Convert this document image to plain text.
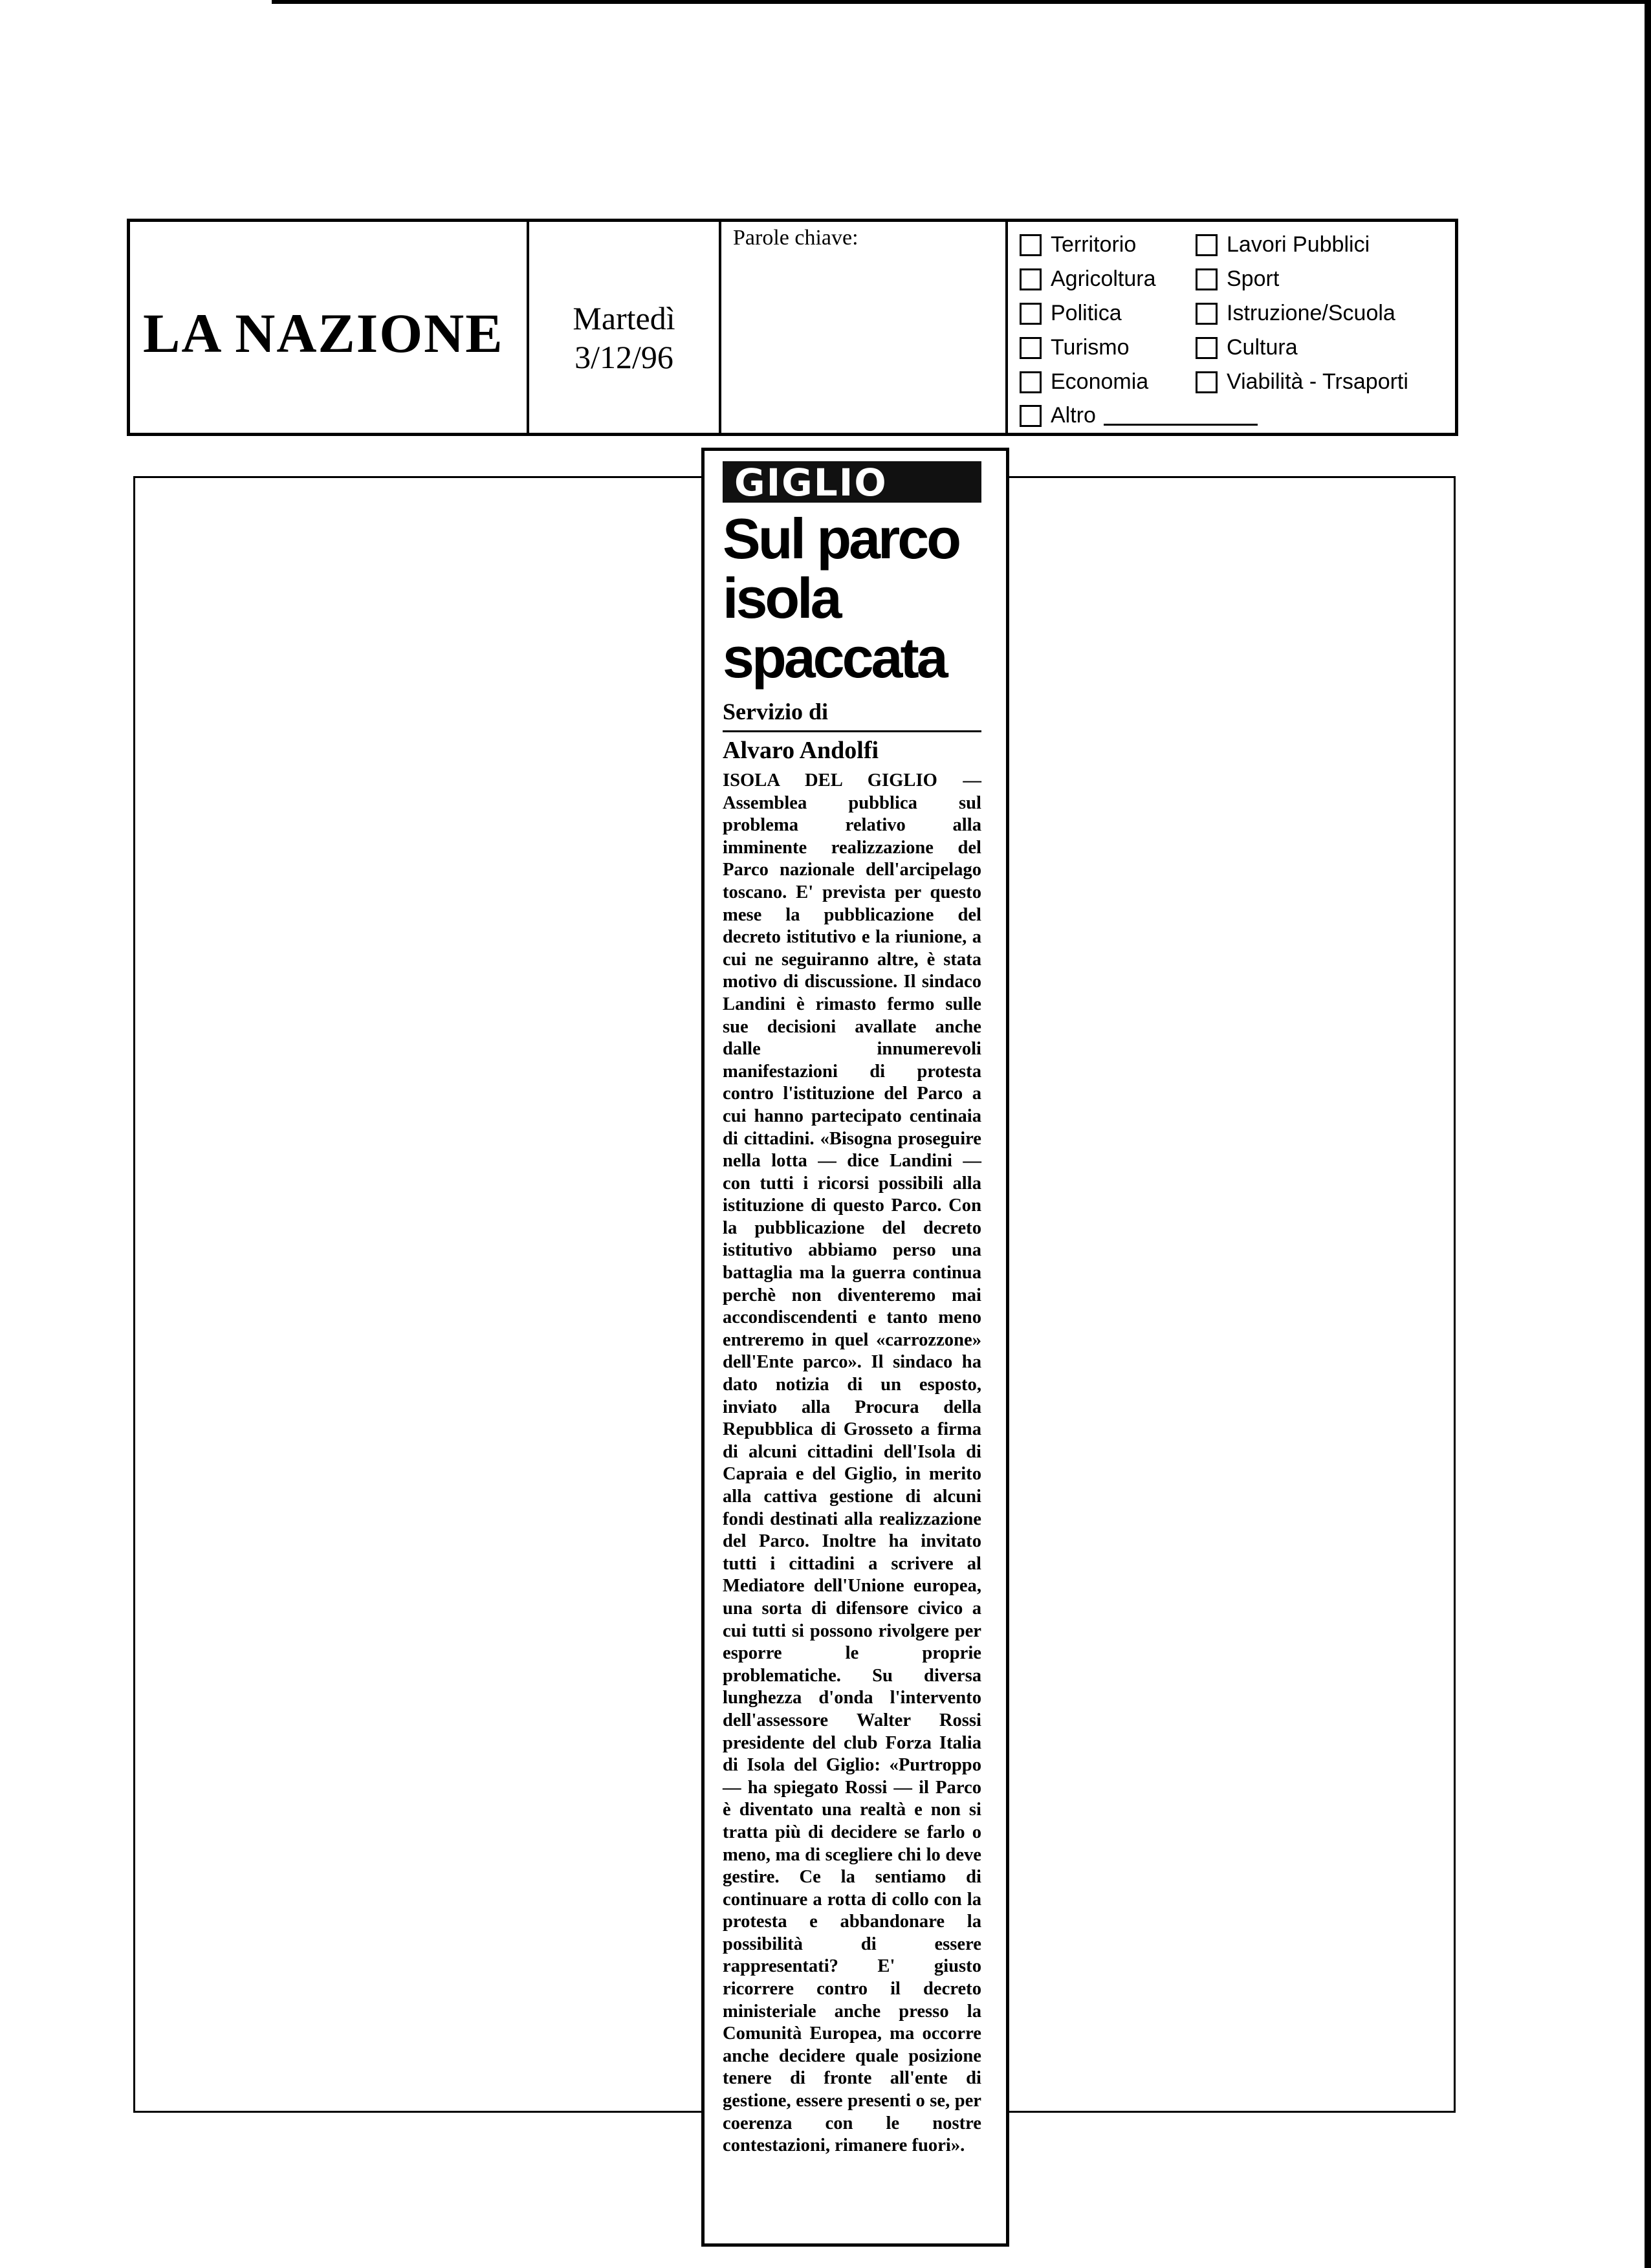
LA NAZIONE	Martedì
3/12/96
Parole chiave:	Territorio
Agricoltura
Politica
Turismo
Economia
Altro
Lavori Pubblici
Sport
Istruzione/Scuola
Cultura
Viabilità - Trsaporti
GIGLIO
Sul parco isola spaccata
Servizio di
Alvaro Andolfi
ISOLA DEL GIGLIO — Assemblea pubblica sul problema relativo alla imminente realizzazione del Parco nazionale dell'arcipelago toscano. E' prevista per questo mese la pubblicazione del decreto istitutivo e la riunione, a cui ne seguiranno altre, è stata motivo di discussione. Il sindaco Landini è rimasto fermo sulle sue decisioni avallate anche dalle innumerevoli manifestazioni di protesta contro l'istituzione del Parco a cui hanno partecipato centinaia di cittadini. «Bisogna proseguire nella lotta — dice Landini — con tutti i ricorsi possibili alla istituzione di questo Parco. Con la pubblicazione del decreto istitutivo abbiamo perso una battaglia ma la guerra continua perchè non diventeremo mai accondiscendenti e tanto meno entreremo in quel «carrozzone» dell'Ente parco». Il sindaco ha dato notizia di un esposto, inviato alla Procura della Repubblica di Grosseto a firma di alcuni cittadini dell'Isola di Capraia e del Giglio, in merito alla cattiva gestione di alcuni fondi destinati alla realizzazione del Parco. Inoltre ha invitato tutti i cittadini a scrivere al Mediatore dell'Unione europea, una sorta di difensore civico a cui tutti si possono rivolgere per esporre le proprie problematiche. Su diversa lunghezza d'onda l'intervento dell'assessore Walter Rossi presidente del club Forza Italia di Isola del Giglio: «Purtroppo — ha spiegato Rossi — il Parco è diventato una realtà e non si tratta più di decidere se farlo o meno, ma di scegliere chi lo deve gestire. Ce la sentiamo di continuare a rotta di collo con la protesta e abbandonare la possibilità di essere rappresentati? E' giusto ricorrere contro il decreto ministeriale anche presso la Comunità Europea, ma occorre anche decidere quale posizione tenere di fronte all'ente di gestione, essere presenti o se, per coerenza con le nostre contestazioni, rimanere fuori».
